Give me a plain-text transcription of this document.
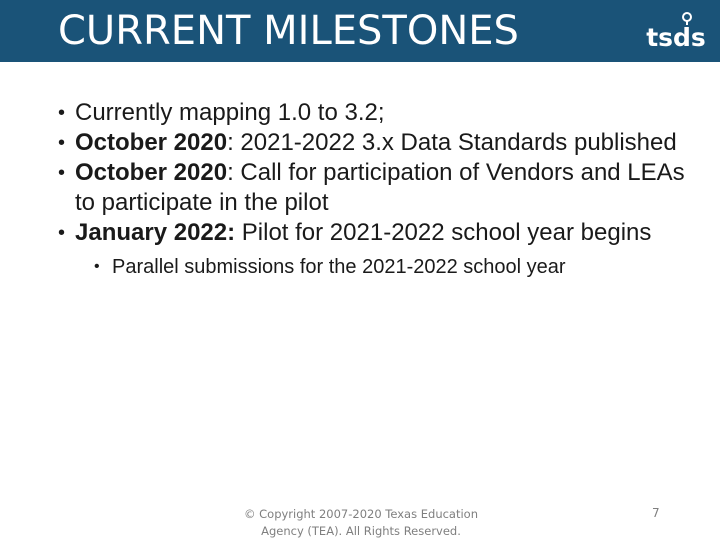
CURRENT MILESTONES	tsds
• Currently mapping 1.0 to 3.2;
• October 2020: 2021-2022 3.x Data Standards published
• October 2020: Call for participation of Vendors and LEAs to participate in the pilot
• January 2022: Pilot for 2021-2022 school year begins
• Parallel submissions for the 2021-2022 school year
© Copyright 2007-2020 Texas Education Agency (TEA). All Rights Reserved.
7
